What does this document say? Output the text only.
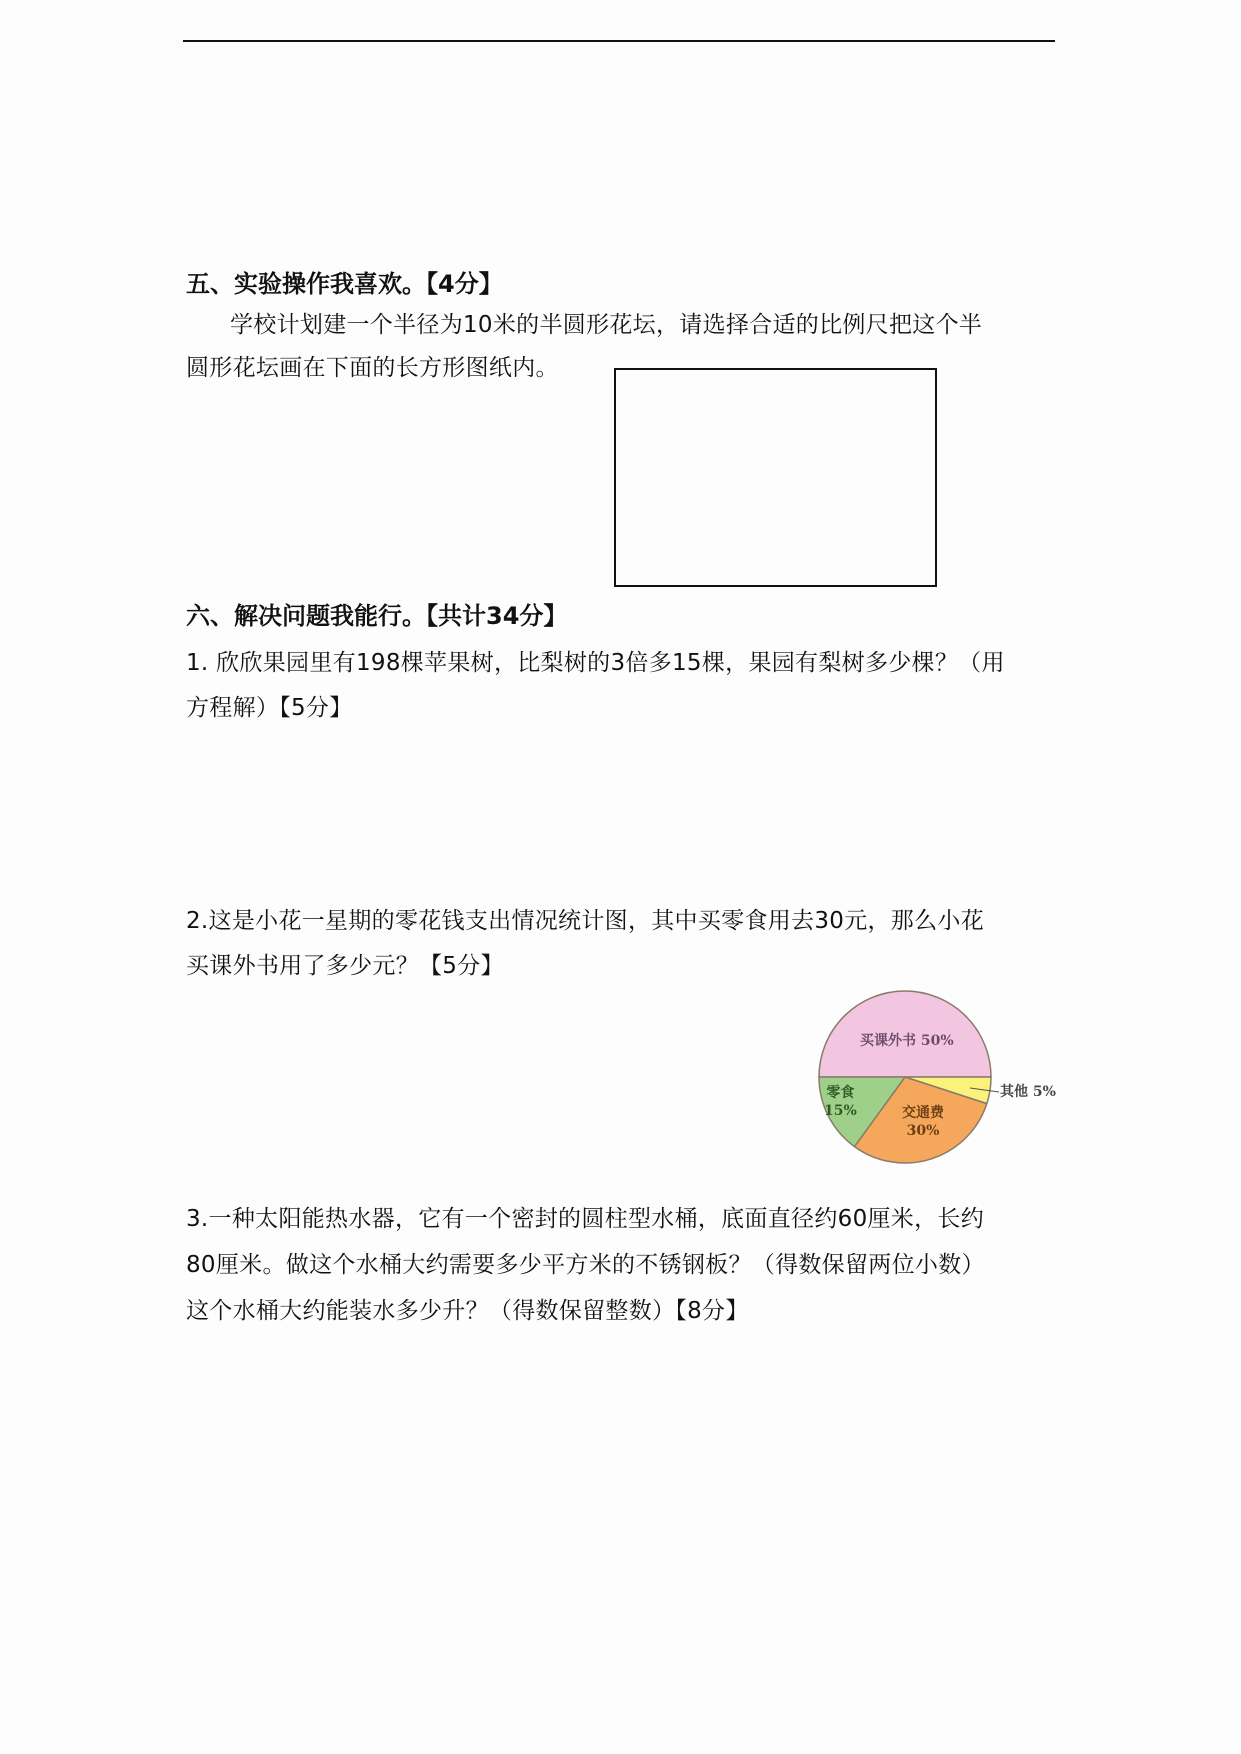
五、实验操作我喜欢。【4分】
学校计划建一个半径为10米的半圆形花坛，请选择合适的比例尺把这个半
圆形花坛画在下面的长方形图纸内。
六、解决问题我能行。【共计34分】
1. 欣欣果园里有198棵苹果树，比梨树的3倍多15棵，果园有梨树多少棵？（用
方程解）【5分】
2.这是小花一星期的零花钱支出情况统计图，其中买零食用去30元，那么小花
买课外书用了多少元？【5分】
买课外书 50%
零食
15%	交通费
30%
其他 5%
3.一种太阳能热水器，它有一个密封的圆柱型水桶，底面直径约60厘米，长约
80厘米。做这个水桶大约需要多少平方米的不锈钢板？（得数保留两位小数）
这个水桶大约能装水多少升？（得数保留整数）【8分】
